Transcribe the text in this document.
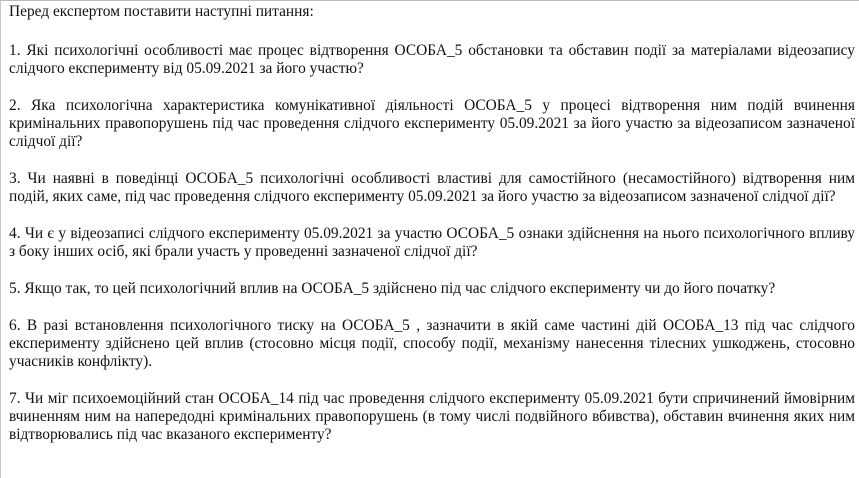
Перед експертом поставити наступні питання:

1. Які психологічні особливості має процес відтворення ОСОБА_5 обстановки та обставин події за матеріалами відеозапису слідчого експерименту від 05.09.2021 за його участю?

2. Яка психологічна характеристика комунікативної діяльності ОСОБА_5 у процесі відтворення ним подій вчинення кримінальних правопорушень під час проведення слідчого експерименту 05.09.2021 за його участю за відеозаписом зазначеної слідчої дії?

3. Чи наявні в поведінці ОСОБА_5 психологічні особливості властиві для самостійного (несамостійного) відтворення ним подій, яких саме, під час проведення слідчого експерименту 05.09.2021 за його участю за відеозаписом зазначеної слідчої дії?

4. Чи є у відеозаписі слідчого експерименту 05.09.2021 за участю ОСОБА_5 ознаки здійснення на нього психологічного впливу з боку інших осіб, які брали участь у проведенні зазначеної слідчої дії?

5. Якщо так, то цей психологічний вплив на ОСОБА_5 здійснено під час слідчого експерименту чи до його початку?

6. В разі встановлення психологічного тиску на ОСОБА_5 , зазначити в якій саме частині дій ОСОБА_13 під час слідчого експерименту здійснено цей вплив (стосовно місця події, способу події, механізму нанесення тілесних ушкоджень, стосовно учасників конфлікту).

7. Чи міг психоемоційний стан ОСОБА_14 під час проведення слідчого експерименту 05.09.2021 бути спричинений ймовірним вчиненням ним на напередодні кримінальних правопорушень (в тому числі подвійного вбивства), обставин вчинення яких ним відтворювались під час вказаного експерименту?
